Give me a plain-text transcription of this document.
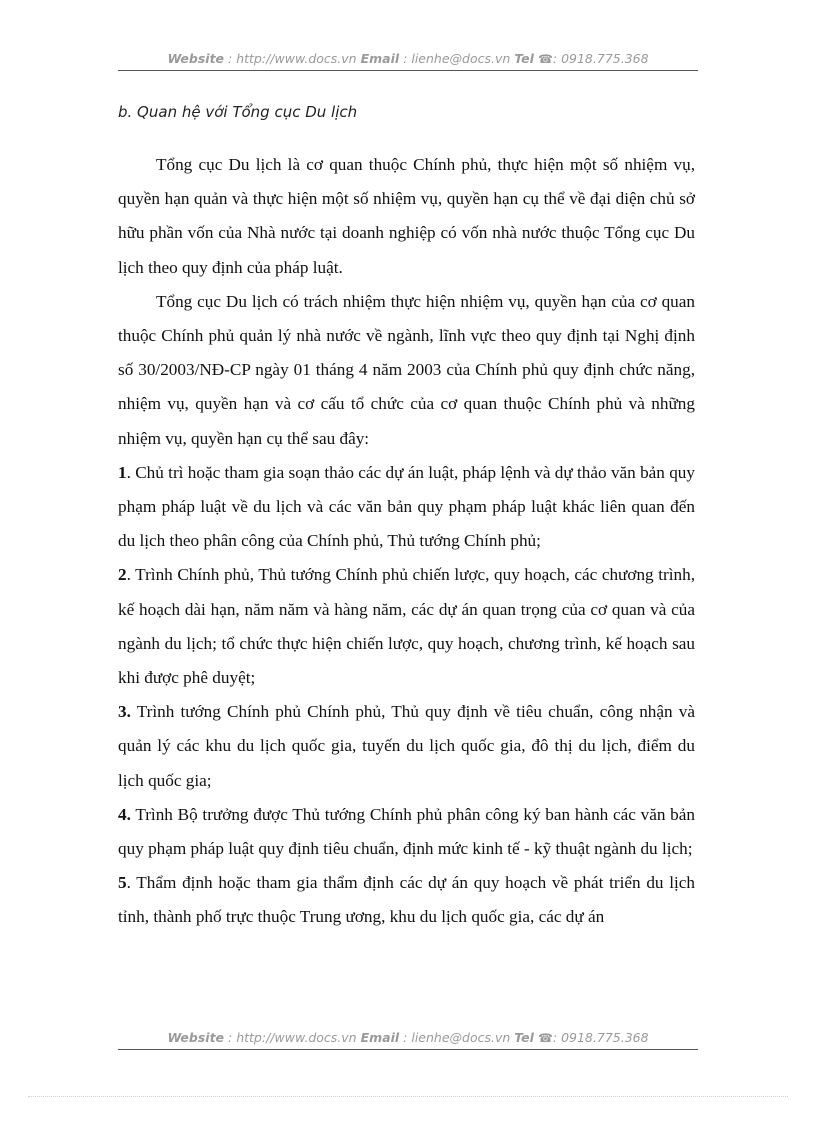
Website : http://www.docs.vn Email : lienhe@docs.vn Tel ☎: 0918.775.368
b. Quan hệ với Tổng cục Du lịch

Tổng cục Du lịch là cơ quan thuộc Chính phủ, thực hiện một số nhiệm vụ, quyền hạn quản và thực hiện một số nhiệm vụ, quyền hạn cụ thể về đại diện chủ sở hữu phần vốn của Nhà nước tại doanh nghiệp có vốn nhà nước thuộc Tổng cục Du lịch theo quy định của pháp luật.

Tổng cục Du lịch có trách nhiệm thực hiện nhiệm vụ, quyền hạn của cơ quan thuộc Chính phủ quản lý nhà nước về ngành, lĩnh vực theo quy định tại Nghị định số 30/2003/NĐ-CP ngày 01 tháng 4 năm 2003 của Chính phủ quy định chức năng, nhiệm vụ, quyền hạn và cơ cấu tổ chức của cơ quan thuộc Chính phủ và những nhiệm vụ, quyền hạn cụ thể sau đây:

1. Chủ trì hoặc tham gia soạn thảo các dự án luật, pháp lệnh và dự thảo văn bản quy phạm pháp luật về du lịch và các văn bản quy phạm pháp luật khác liên quan đến du lịch theo phân công của Chính phủ, Thủ tướng Chính phủ;

2. Trình Chính phủ, Thủ tướng Chính phủ chiến lược, quy hoạch, các chương trình, kế hoạch dài hạn, năm năm và hàng năm, các dự án quan trọng của cơ quan và của ngành du lịch; tổ chức thực hiện chiến lược, quy hoạch, chương trình, kế hoạch sau khi được phê duyệt;

3. Trình tướng Chính phủ Chính phủ, Thủ quy định về tiêu chuẩn, công nhận và quản lý các khu du lịch quốc gia, tuyến du lịch quốc gia, đô thị du lịch, điểm du lịch quốc gia;

4. Trình Bộ trưởng được Thủ tướng Chính phủ phân công ký ban hành các văn bản quy phạm pháp luật quy định tiêu chuẩn, định mức kinh tế - kỹ thuật ngành du lịch;

5. Thẩm định hoặc tham gia thẩm định các dự án quy hoạch về phát triển du lịch tỉnh, thành phố trực thuộc Trung ương, khu du lịch quốc gia, các dự án

Website : http://www.docs.vn Email : lienhe@docs.vn Tel ☎: 0918.775.368
